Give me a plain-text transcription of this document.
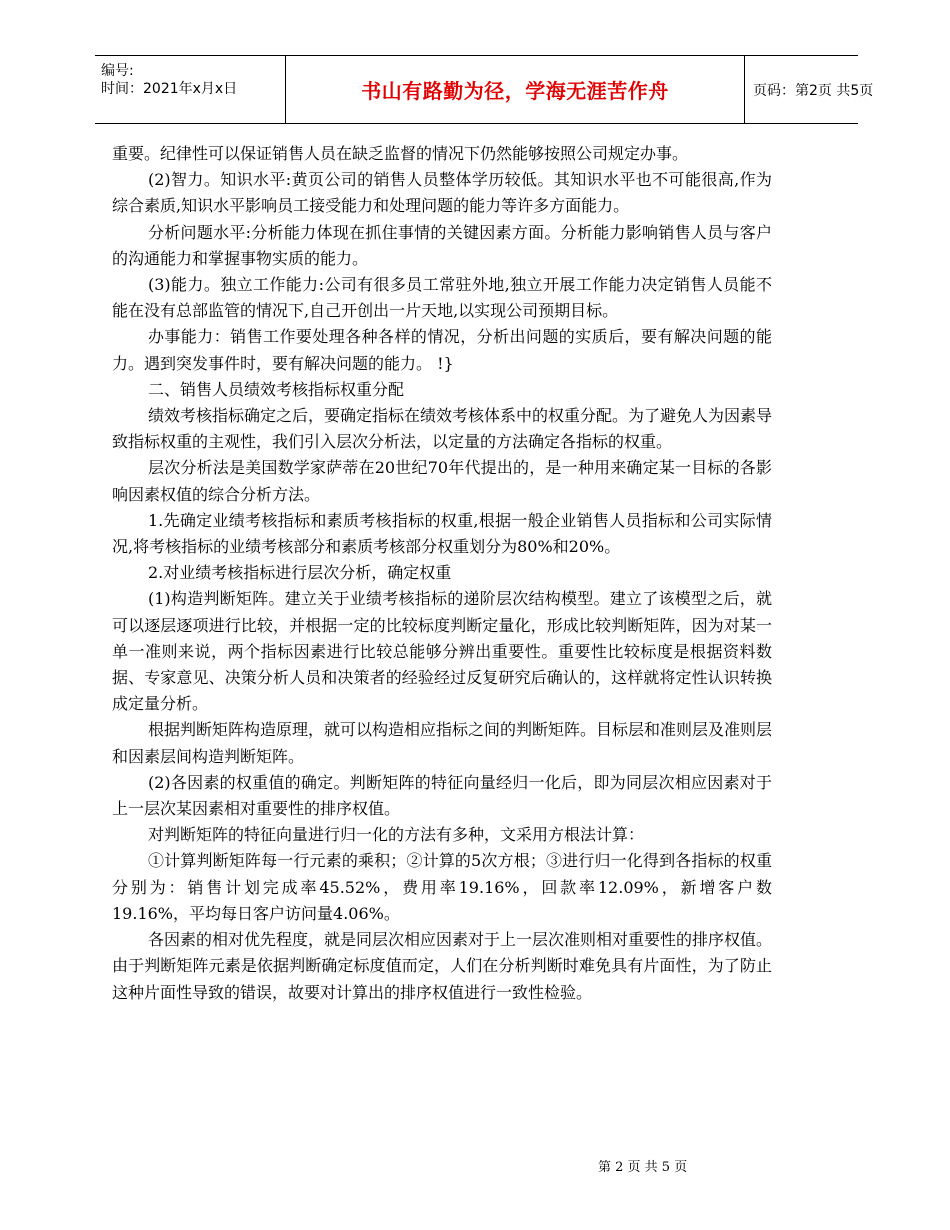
编号:
时间：2021年x月x日	书山有路勤为径，学海无涯苦作舟	页码：第2页 共5页

重要。纪律性可以保证销售人员在缺乏监督的情况下仍然能够按照公司规定办事。

(2)智力。知识水平:黄页公司的销售人员整体学历较低。其知识水平也不可能很高,作为综合素质,知识水平影响员工接受能力和处理问题的能力等许多方面能力。

分析问题水平:分析能力体现在抓住事情的关键因素方面。分析能力影响销售人员与客户的沟通能力和掌握事物实质的能力。

(3)能力。独立工作能力:公司有很多员工常驻外地,独立开展工作能力决定销售人员能不能在没有总部监管的情况下,自己开创出一片天地,以实现公司预期目标。

办事能力：销售工作要处理各种各样的情况，分析出问题的实质后，要有解决问题的能力。遇到突发事件时，要有解决问题的能力。 !}

二、销售人员绩效考核指标权重分配

绩效考核指标确定之后，要确定指标在绩效考核体系中的权重分配。为了避免人为因素导致指标权重的主观性，我们引入层次分析法，以定量的方法确定各指标的权重。

层次分析法是美国数学家萨蒂在20世纪70年代提出的，是一种用来确定某一目标的各影响因素权值的综合分析方法。

1.先确定业绩考核指标和素质考核指标的权重,根据一般企业销售人员指标和公司实际情况,将考核指标的业绩考核部分和素质考核部分权重划分为80%和20%。

2.对业绩考核指标进行层次分析，确定权重

(1)构造判断矩阵。建立关于业绩考核指标的递阶层次结构模型。建立了该模型之后，就可以逐层逐项进行比较，并根据一定的比较标度判断定量化，形成比较判断矩阵，因为对某一单一准则来说，两个指标因素进行比较总能够分辨出重要性。重要性比较标度是根据资料数据、专家意见、决策分析人员和决策者的经验经过反复研究后确认的，这样就将定性认识转换成定量分析。

根据判断矩阵构造原理，就可以构造相应指标之间的判断矩阵。目标层和准则层及准则层和因素层间构造判断矩阵。

(2)各因素的权重值的确定。判断矩阵的特征向量经归一化后，即为同层次相应因素对于上一层次某因素相对重要性的排序权值。

对判断矩阵的特征向量进行归一化的方法有多种，文采用方根法计算：

①计算判断矩阵每一行元素的乘积；②计算的5次方根；③进行归一化得到各指标的权重分别为：销售计划完成率45.52%，费用率19.16%，回款率12.09%，新增客户数19.16%，平均每日客户访问量4.06%。

各因素的相对优先程度，就是同层次相应因素对于上一层次准则相对重要性的排序权值。由于判断矩阵元素是依据判断确定标度值而定，人们在分析判断时难免具有片面性，为了防止这种片面性导致的错误，故要对计算出的排序权值进行一致性检验。

第 2 页 共 5 页
